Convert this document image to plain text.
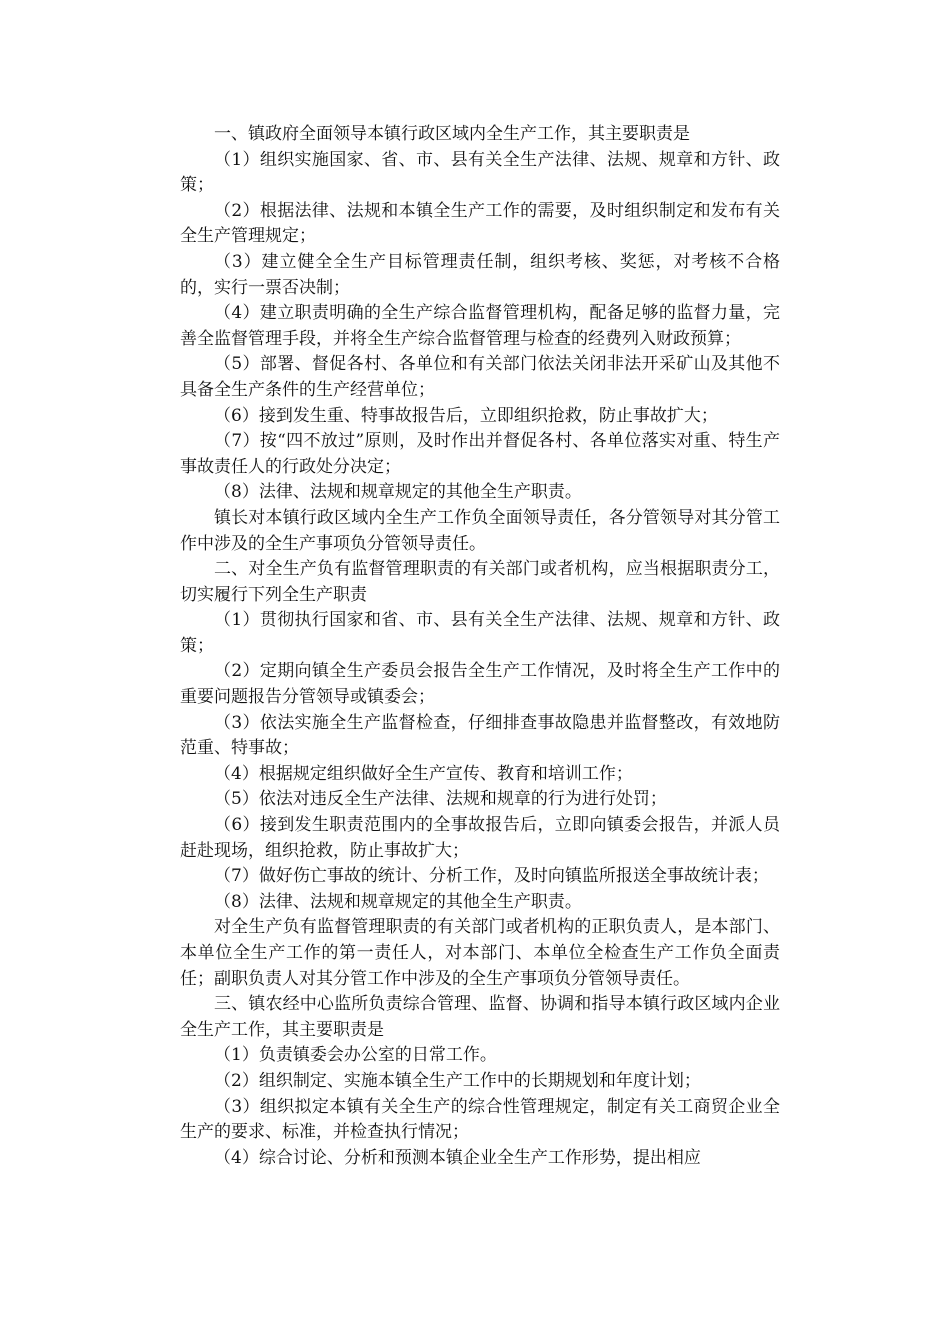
一、镇政府全面领导本镇行政区域内全生产工作，其主要职责是

（1）组织实施国家、省、市、县有关全生产法律、法规、规章和方针、政策；

（2）根据法律、法规和本镇全生产工作的需要，及时组织制定和发布有关全生产管理规定；

（3）建立健全全生产目标管理责任制，组织考核、奖惩，对考核不合格的，实行一票否决制；

（4）建立职责明确的全生产综合监督管理机构，配备足够的监督力量，完善全监督管理手段，并将全生产综合监督管理与检查的经费列入财政预算；

（5）部署、督促各村、各单位和有关部门依法关闭非法开采矿山及其他不具备全生产条件的生产经营单位；

（6）接到发生重、特事故报告后，立即组织抢救，防止事故扩大；

（7）按“四不放过”原则，及时作出并督促各村、各单位落实对重、特生产事故责任人的行政处分决定；

（8）法律、法规和规章规定的其他全生产职责。

镇长对本镇行政区域内全生产工作负全面领导责任，各分管领导对其分管工作中涉及的全生产事项负分管领导责任。

二、对全生产负有监督管理职责的有关部门或者机构，应当根据职责分工，切实履行下列全生产职责

（1）贯彻执行国家和省、市、县有关全生产法律、法规、规章和方针、政策；

（2）定期向镇全生产委员会报告全生产工作情况，及时将全生产工作中的重要问题报告分管领导或镇委会；

（3）依法实施全生产监督检查，仔细排查事故隐患并监督整改，有效地防范重、特事故；

（4）根据规定组织做好全生产宣传、教育和培训工作；

（5）依法对违反全生产法律、法规和规章的行为进行处罚；

（6）接到发生职责范围内的全事故报告后，立即向镇委会报告，并派人员赶赴现场，组织抢救，防止事故扩大；

（7）做好伤亡事故的统计、分析工作，及时向镇监所报送全事故统计表；

（8）法律、法规和规章规定的其他全生产职责。

对全生产负有监督管理职责的有关部门或者机构的正职负责人，是本部门、本单位全生产工作的第一责任人，对本部门、本单位全检查生产工作负全面责任；副职负责人对其分管工作中涉及的全生产事项负分管领导责任。

三、镇农经中心监所负责综合管理、监督、协调和指导本镇行政区域内企业全生产工作，其主要职责是

（1）负责镇委会办公室的日常工作。

（2）组织制定、实施本镇全生产工作中的长期规划和年度计划；

（3）组织拟定本镇有关全生产的综合性管理规定，制定有关工商贸企业全生产的要求、标准，并检查执行情况；

（4）综合讨论、分析和预测本镇企业全生产工作形势，提出相应
